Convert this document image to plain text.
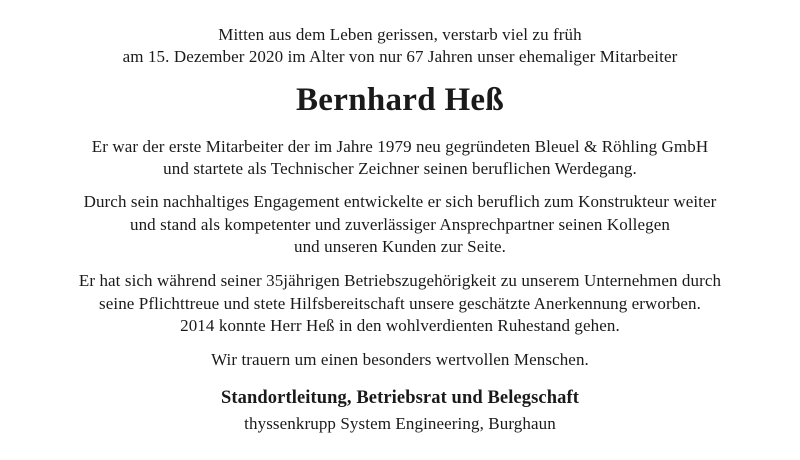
Mitten aus dem Leben gerissen, verstarb viel zu früh
am 15. Dezember 2020 im Alter von nur 67 Jahren unser ehemaliger Mitarbeiter
Bernhard Heß
Er war der erste Mitarbeiter der im Jahre 1979 neu gegründeten Bleuel & Röhling GmbH
und startete als Technischer Zeichner seinen beruflichen Werdegang.
Durch sein nachhaltiges Engagement entwickelte er sich beruflich zum Konstrukteur weiter
und stand als kompetenter und zuverlässiger Ansprechpartner seinen Kollegen
und unseren Kunden zur Seite.
Er hat sich während seiner 35jährigen Betriebszugehörigkeit zu unserem Unternehmen durch
seine Pflichttreue und stete Hilfsbereitschaft unsere geschätzte Anerkennung erworben.
2014 konnte Herr Heß in den wohlverdienten Ruhestand gehen.
Wir trauern um einen besonders wertvollen Menschen.
Standortleitung, Betriebsrat und Belegschaft
thyssenkrupp System Engineering, Burghaun
